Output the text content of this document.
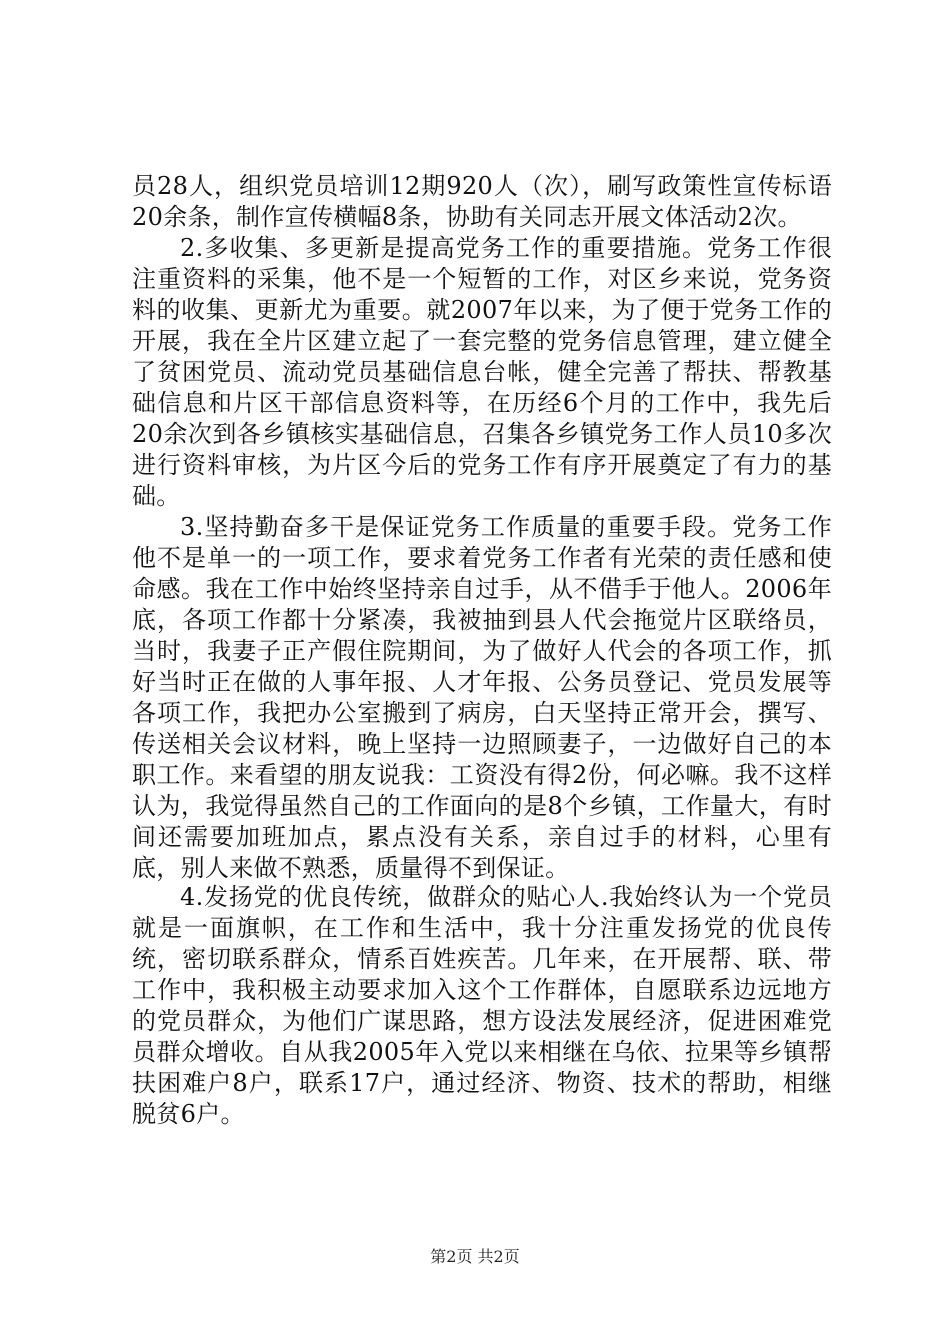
员28人，组织党员培训12期920人（次），刷写政策性宣传标语20余条，制作宣传横幅8条，协助有关同志开展文体活动2次。

2.多收集、多更新是提高党务工作的重要措施。党务工作很注重资料的采集，他不是一个短暂的工作，对区乡来说，党务资料的收集、更新尤为重要。就2007年以来，为了便于党务工作的开展，我在全片区建立起了一套完整的党务信息管理，建立健全了贫困党员、流动党员基础信息台帐，健全完善了帮扶、帮教基础信息和片区干部信息资料等，在历经6个月的工作中，我先后20余次到各乡镇核实基础信息，召集各乡镇党务工作人员10多次进行资料审核，为片区今后的党务工作有序开展奠定了有力的基础。

3.坚持勤奋多干是保证党务工作质量的重要手段。党务工作他不是单一的一项工作，要求着党务工作者有光荣的责任感和使命感。我在工作中始终坚持亲自过手，从不借手于他人。2006年底，各项工作都十分紧凑，我被抽到县人代会拖觉片区联络员，当时，我妻子正产假住院期间，为了做好人代会的各项工作，抓好当时正在做的人事年报、人才年报、公务员登记、党员发展等各项工作，我把办公室搬到了病房，白天坚持正常开会，撰写、传送相关会议材料，晚上坚持一边照顾妻子，一边做好自己的本职工作。来看望的朋友说我：工资没有得2份，何必嘛。我不这样认为，我觉得虽然自己的工作面向的是8个乡镇，工作量大，有时间还需要加班加点，累点没有关系，亲自过手的材料，心里有底，别人来做不熟悉，质量得不到保证。

4.发扬党的优良传统，做群众的贴心人.我始终认为一个党员就是一面旗帜，在工作和生活中，我十分注重发扬党的优良传统，密切联系群众，情系百姓疾苦。几年来，在开展帮、联、带工作中，我积极主动要求加入这个工作群体，自愿联系边远地方的党员群众，为他们广谋思路，想方设法发展经济，促进困难党员群众增收。自从我2005年入党以来相继在乌依、拉果等乡镇帮扶困难户8户，联系17户，通过经济、物资、技术的帮助，相继脱贫6户。

第2页 共2页
